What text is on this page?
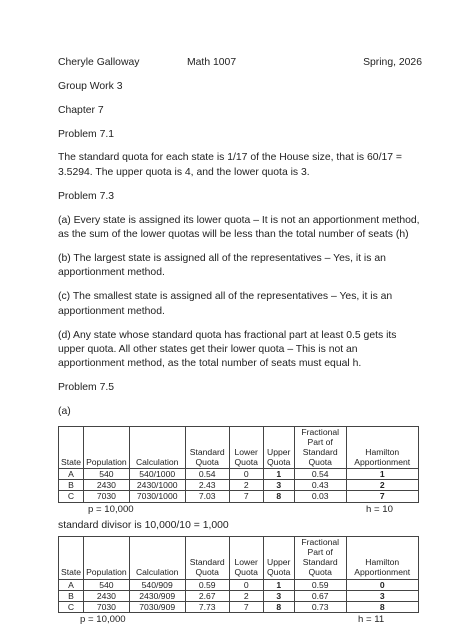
Cheryle Galloway	Math 1007	Spring, 2026

Group Work 3

Chapter 7

Problem 7.1

The standard quota for each state is 1/17 of the House size, that is 60/17 = 3.5294. The upper quota is 4, and the lower quota is 3.

Problem 7.3

(a) Every state is assigned its lower quota – It is not an apportionment method, as the sum of the lower quotas will be less than the total number of seats (h)

(b) The largest state is assigned all of the representatives – Yes, it is an apportionment method.

(c) The smallest state is assigned all of the representatives – Yes, it is an apportionment method.

(d) Any state whose standard quota has fractional part at least 0.5 gets its upper quota. All other states get their lower quota – This is not an apportionment method, as the total number of seats must equal h.

Problem 7.5

(a)

State	Population	Calculation	Standard Quota	Lower Quota	Upper Quota	Fractional Part of Standard Quota	Hamilton Apportionment
A	540	540/1000	0.54	0	1	0.54	1
B	2430	2430/1000	2.43	2	3	0.43	2
C	7030	7030/1000	7.03	7	8	0.03	7
p = 10,000	h = 10

standard divisor is 10,000/10 = 1,000

State	Population	Calculation	Standard Quota	Lower Quota	Upper Quota	Fractional Part of Standard Quota	Hamilton Apportionment
A	540	540/909	0.59	0	1	0.59	0
B	2430	2430/909	2.67	2	3	0.67	3
C	7030	7030/909	7.73	7	8	0.73	8
p = 10,000	h = 11
